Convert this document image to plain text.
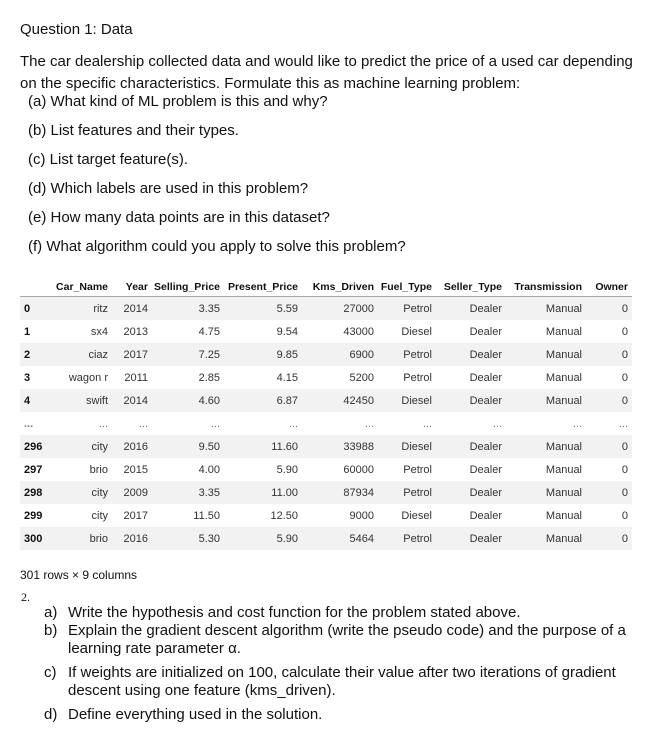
Question 1: Data
The car dealership collected data and would like to predict the price of a used car depending on the specific characteristics. Formulate this as machine learning problem:
(a) What kind of ML problem is this and why?
(b) List features and their types.
(c) List target feature(s).
(d) Which labels are used in this problem?
(e) How many data points are in this dataset?
(f) What algorithm could you apply to solve this problem?
	Car_Name	Year	Selling_Price	Present_Price	Kms_Driven	Fuel_Type	Seller_Type	Transmission	Owner
0	ritz	2014	3.35	5.59	27000	Petrol	Dealer	Manual	0
1	sx4	2013	4.75	9.54	43000	Diesel	Dealer	Manual	0
2	ciaz	2017	7.25	9.85	6900	Petrol	Dealer	Manual	0
3	wagon r	2011	2.85	4.15	5200	Petrol	Dealer	Manual	0
4	swift	2014	4.60	6.87	42450	Diesel	Dealer	Manual	0
...	...	...	...	...	...	...	...	...	...
296	city	2016	9.50	11.60	33988	Diesel	Dealer	Manual	0
297	brio	2015	4.00	5.90	60000	Petrol	Dealer	Manual	0
298	city	2009	3.35	11.00	87934	Petrol	Dealer	Manual	0
299	city	2017	11.50	12.50	9000	Diesel	Dealer	Manual	0
300	brio	2016	5.30	5.90	5464	Petrol	Dealer	Manual	0
301 rows × 9 columns
2.
a) Write the hypothesis and cost function for the problem stated above.
b) Explain the gradient descent algorithm (write the pseudo code) and the purpose of a learning rate parameter α.
c) If weights are initialized on 100, calculate their value after two iterations of gradient descent using one feature (kms_driven).
d) Define everything used in the solution.
